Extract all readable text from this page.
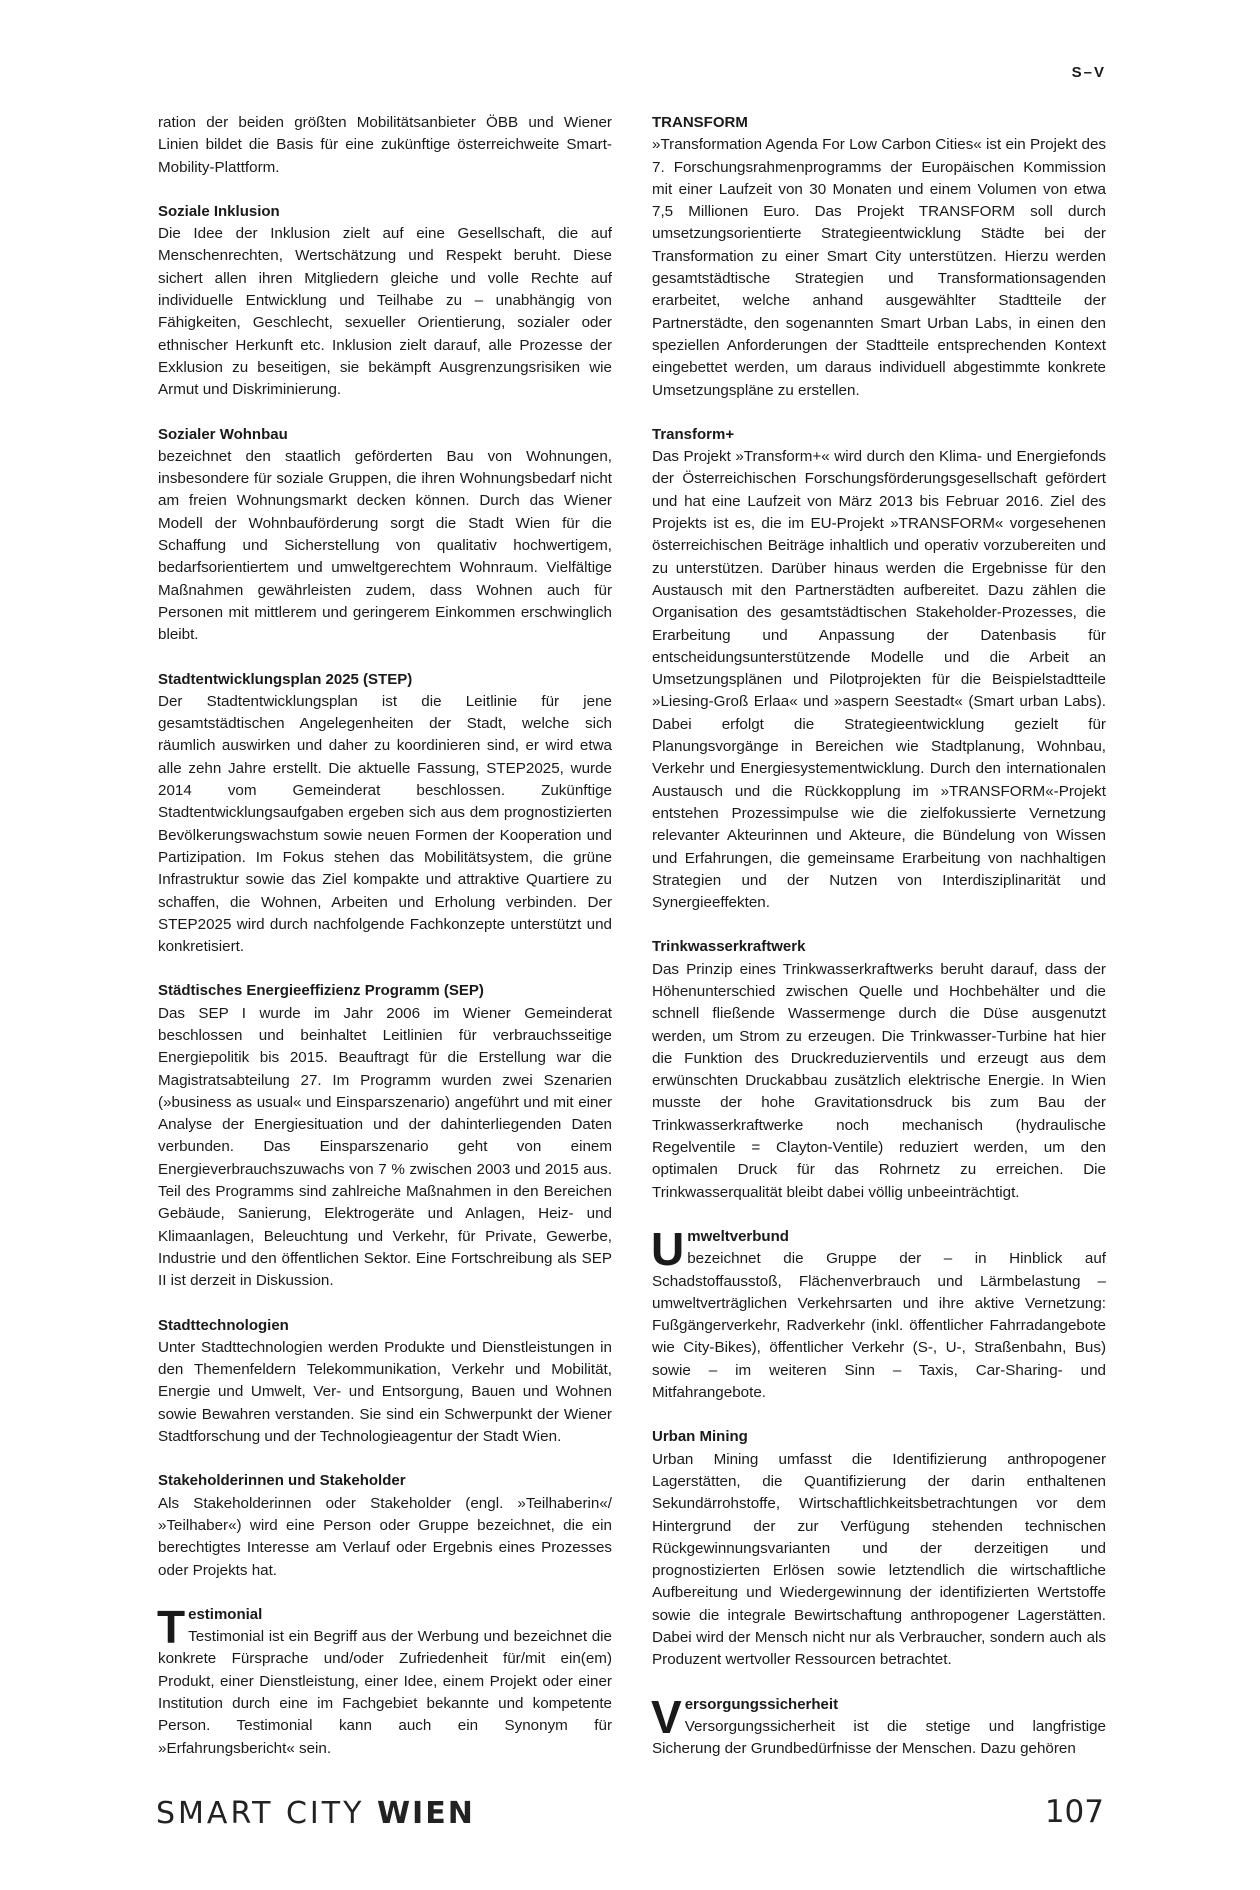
S–V

ration der beiden größten Mobilitätsanbieter ÖBB und Wiener Linien bildet die Basis für eine zukünftige österreichweite Smart-Mobility-Plattform.

Soziale Inklusion

Die Idee der Inklusion zielt auf eine Gesellschaft, die auf Menschenrechten, Wertschätzung und Respekt beruht. Diese sichert allen ihren Mitgliedern gleiche und volle Rechte auf individuelle Entwicklung und Teilhabe zu – unabhängig von Fähigkeiten, Geschlecht, sexueller Orientierung, sozialer oder ethnischer Herkunft etc. Inklusion zielt darauf, alle Prozesse der Exklusion zu beseitigen, sie bekämpft Ausgrenzungsrisiken wie Armut und Diskriminierung.

Sozialer Wohnbau

bezeichnet den staatlich geförderten Bau von Wohnungen, insbesondere für soziale Gruppen, die ihren Wohnungsbedarf nicht am freien Wohnungsmarkt decken können. Durch das Wiener Modell der Wohnbauförderung sorgt die Stadt Wien für die Schaffung und Sicherstellung von qualitativ hochwertigem, bedarfsorientiertem und umweltgerechtem Wohnraum. Vielfältige Maßnahmen gewährleisten zudem, dass Wohnen auch für Personen mit mittlerem und geringerem Einkommen erschwinglich bleibt.

Stadtentwicklungsplan 2025 (STEP)

Der Stadtentwicklungsplan ist die Leitlinie für jene gesamtstädtischen Angelegenheiten der Stadt, welche sich räumlich auswirken und daher zu koordinieren sind, er wird etwa alle zehn Jahre erstellt. Die aktuelle Fassung, STEP2025, wurde 2014 vom Gemeinderat beschlossen. Zukünftige Stadtentwicklungsaufgaben ergeben sich aus dem prognostizierten Bevölkerungswachstum sowie neuen Formen der Kooperation und Partizipation. Im Fokus stehen das Mobilitätsystem, die grüne Infrastruktur sowie das Ziel kompakte und attraktive Quartiere zu schaffen, die Wohnen, Arbeiten und Erholung verbinden. Der STEP2025 wird durch nachfolgende Fachkonzepte unterstützt und konkretisiert.

Städtisches Energieeffizienz Programm (SEP)

Das SEP I wurde im Jahr 2006 im Wiener Gemeinderat beschlossen und beinhaltet Leitlinien für verbrauchsseitige Energiepolitik bis 2015. Beauftragt für die Erstellung war die Magistratsabteilung 27. Im Programm wurden zwei Szenarien (»business as usual« und Einsparszenario) angeführt und mit einer Analyse der Energiesituation und der dahinterliegenden Daten verbunden. Das Einsparszenario geht von einem Energieverbrauchszuwachs von 7 % zwischen 2003 und 2015 aus. Teil des Programms sind zahlreiche Maßnahmen in den Bereichen Gebäude, Sanierung, Elektrogeräte und Anlagen, Heiz- und Klimaanlagen, Beleuchtung und Verkehr, für Private, Gewerbe, Industrie und den öffentlichen Sektor. Eine Fortschreibung als SEP II ist derzeit in Diskussion.

Stadttechnologien

Unter Stadttechnologien werden Produkte und Dienstleistungen in den Themenfeldern Telekommunikation, Verkehr und Mobilität, Energie und Umwelt, Ver- und Entsorgung, Bauen und Wohnen sowie Bewahren verstanden. Sie sind ein Schwerpunkt der Wiener Stadtforschung und der Technologieagentur der Stadt Wien.

Stakeholderinnen und Stakeholder

Als Stakeholderinnen oder Stakeholder (engl. »Teilhaberin«/ »Teilhaber«) wird eine Person oder Gruppe bezeichnet, die ein berechtigtes Interesse am Verlauf oder Ergebnis eines Prozesses oder Projekts hat.

Testimonial

Testimonial ist ein Begriff aus der Werbung und bezeichnet die konkrete Fürsprache und/oder Zufriedenheit für/mit ein(em) Produkt, einer Dienstleistung, einer Idee, einem Projekt oder einer Institution durch eine im Fachgebiet bekannte und kompetente Person. Testimonial kann auch ein Synonym für »Erfahrungsbericht« sein.

TRANSFORM

»Transformation Agenda For Low Carbon Cities« ist ein Projekt des 7. Forschungsrahmenprogramms der Europäischen Kommission mit einer Laufzeit von 30 Monaten und einem Volumen von etwa 7,5 Millionen Euro. Das Projekt TRANSFORM soll durch umsetzungsorientierte Strategieentwicklung Städte bei der Transformation zu einer Smart City unterstützen. Hierzu werden gesamtstädtische Strategien und Transformationsagenden erarbeitet, welche anhand ausgewählter Stadtteile der Partnerstädte, den sogenannten Smart Urban Labs, in einen den speziellen Anforderungen der Stadtteile entsprechenden Kontext eingebettet werden, um daraus individuell abgestimmte konkrete Umsetzungspläne zu erstellen.

Transform+

Das Projekt »Transform+« wird durch den Klima- und Energiefonds der Österreichischen Forschungsförderungsgesellschaft gefördert und hat eine Laufzeit von März 2013 bis Februar 2016. Ziel des Projekts ist es, die im EU-Projekt »TRANSFORM« vorgesehenen österreichischen Beiträge inhaltlich und operativ vorzubereiten und zu unterstützen. Darüber hinaus werden die Ergebnisse für den Austausch mit den Partnerstädten aufbereitet. Dazu zählen die Organisation des gesamtstädtischen Stakeholder-Prozesses, die Erarbeitung und Anpassung der Datenbasis für entscheidungsunterstützende Modelle und die Arbeit an Umsetzungsplänen und Pilotprojekten für die Beispielstadtteile »Liesing-Groß Erlaa« und »aspern Seestadt« (Smart urban Labs). Dabei erfolgt die Strategieentwicklung gezielt für Planungsvorgänge in Bereichen wie Stadtplanung, Wohnbau, Verkehr und Energiesystementwicklung. Durch den internationalen Austausch und die Rückkopplung im »TRANSFORM«-Projekt entstehen Prozessimpulse wie die zielfokussierte Vernetzung relevanter Akteurinnen und Akteure, die Bündelung von Wissen und Erfahrungen, die gemeinsame Erarbeitung von nachhaltigen Strategien und der Nutzen von Interdisziplinarität und Synergieeffekten.

Trinkwasserkraftwerk

Das Prinzip eines Trinkwasserkraftwerks beruht darauf, dass der Höhenunterschied zwischen Quelle und Hochbehälter und die schnell fließende Wassermenge durch die Düse ausgenutzt werden, um Strom zu erzeugen. Die Trinkwasser-Turbine hat hier die Funktion des Druckreduzierventils und erzeugt aus dem erwünschten Druckabbau zusätzlich elektrische Energie. In Wien musste der hohe Gravitationsdruck bis zum Bau der Trinkwasserkraftwerke noch mechanisch (hydraulische Regelventile = Clayton-Ventile) reduziert werden, um den optimalen Druck für das Rohrnetz zu erreichen. Die Trinkwasserqualität bleibt dabei völlig unbeeinträchtigt.

Umweltverbund

bezeichnet die Gruppe der – in Hinblick auf Schadstoffausstoß, Flächenverbrauch und Lärmbelastung – umweltverträglichen Verkehrsarten und ihre aktive Vernetzung: Fußgängerverkehr, Radverkehr (inkl. öffentlicher Fahrradangebote wie City-Bikes), öffentlicher Verkehr (S-, U-, Straßenbahn, Bus) sowie – im weiteren Sinn – Taxis, Car-Sharing- und Mitfahrangebote.

Urban Mining

Urban Mining umfasst die Identifizierung anthropogener Lagerstätten, die Quantifizierung der darin enthaltenen Sekundärrohstoffe, Wirtschaftlichkeitsbetrachtungen vor dem Hintergrund der zur Verfügung stehenden technischen Rückgewinnungsvarianten und der derzeitigen und prognostizierten Erlösen sowie letztendlich die wirtschaftliche Aufbereitung und Wiedergewinnung der identifizierten Wertstoffe sowie die integrale Bewirtschaftung anthropogener Lagerstätten. Dabei wird der Mensch nicht nur als Verbraucher, sondern auch als Produzent wertvoller Ressourcen betrachtet.

Versorgungssicherheit

Versorgungssicherheit ist die stetige und langfristige Sicherung der Grundbedürfnisse der Menschen. Dazu gehören

SMART CITY WIEN	107
